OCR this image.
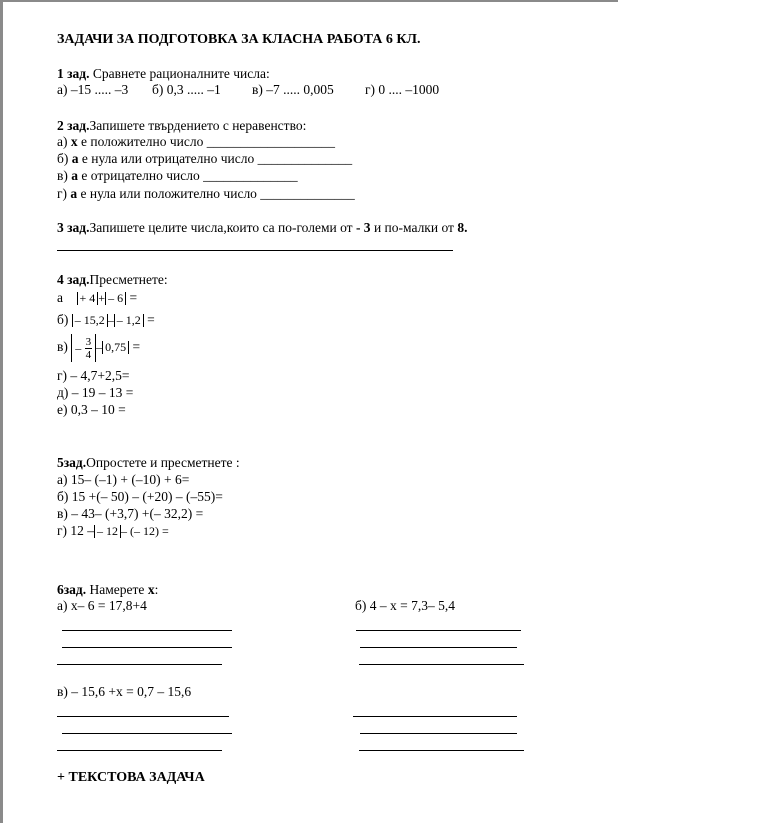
ЗАДАЧИ ЗА ПОДГОТОВКА ЗА КЛАСНА РАБОТА 6 КЛ.
1 зад. Сравнете рационалните числа:
а) –15 ..... –3 б) 0,3 ..... –1 в) –7 ..... 0,005 г) 0 .... –1000
2 зад.Запишете твърдението с неравенство:
а) x е положително число ___________________
б) a е нула или отрицателно число ______________
в) a е отрицателно число ______________
г) a е нула или положително число ______________
3 зад.Запишете целите числа,които са по-големи от - 3 и по-малки от 8.
4 зад.Пресметнете:
а + 4 + – 6 =
б) – 15,2 – – 1,2 =
$в) - \frac{3}{4} - 0,75$ =
г) – 4,7+2,5=
д) – 19 – 13 =
е) 0,3 – 10 =
5зад.Опростете и пресметнете :
а) 15– (–1) + (–10) + 6=
б) 15 +(– 50) – (+20) – (–55)=
в) – 43– (+3,7) +(– 32,2) =
г) 12 – – 12 – (– 12) =
6зад. Намерете x:
а) x– 6 = 17,8+4	б) 4 – x = 7,3– 5,4
в) – 15,6 +x = 0,7 – 15,6
+ ТЕКСТОВА ЗАДАЧА
